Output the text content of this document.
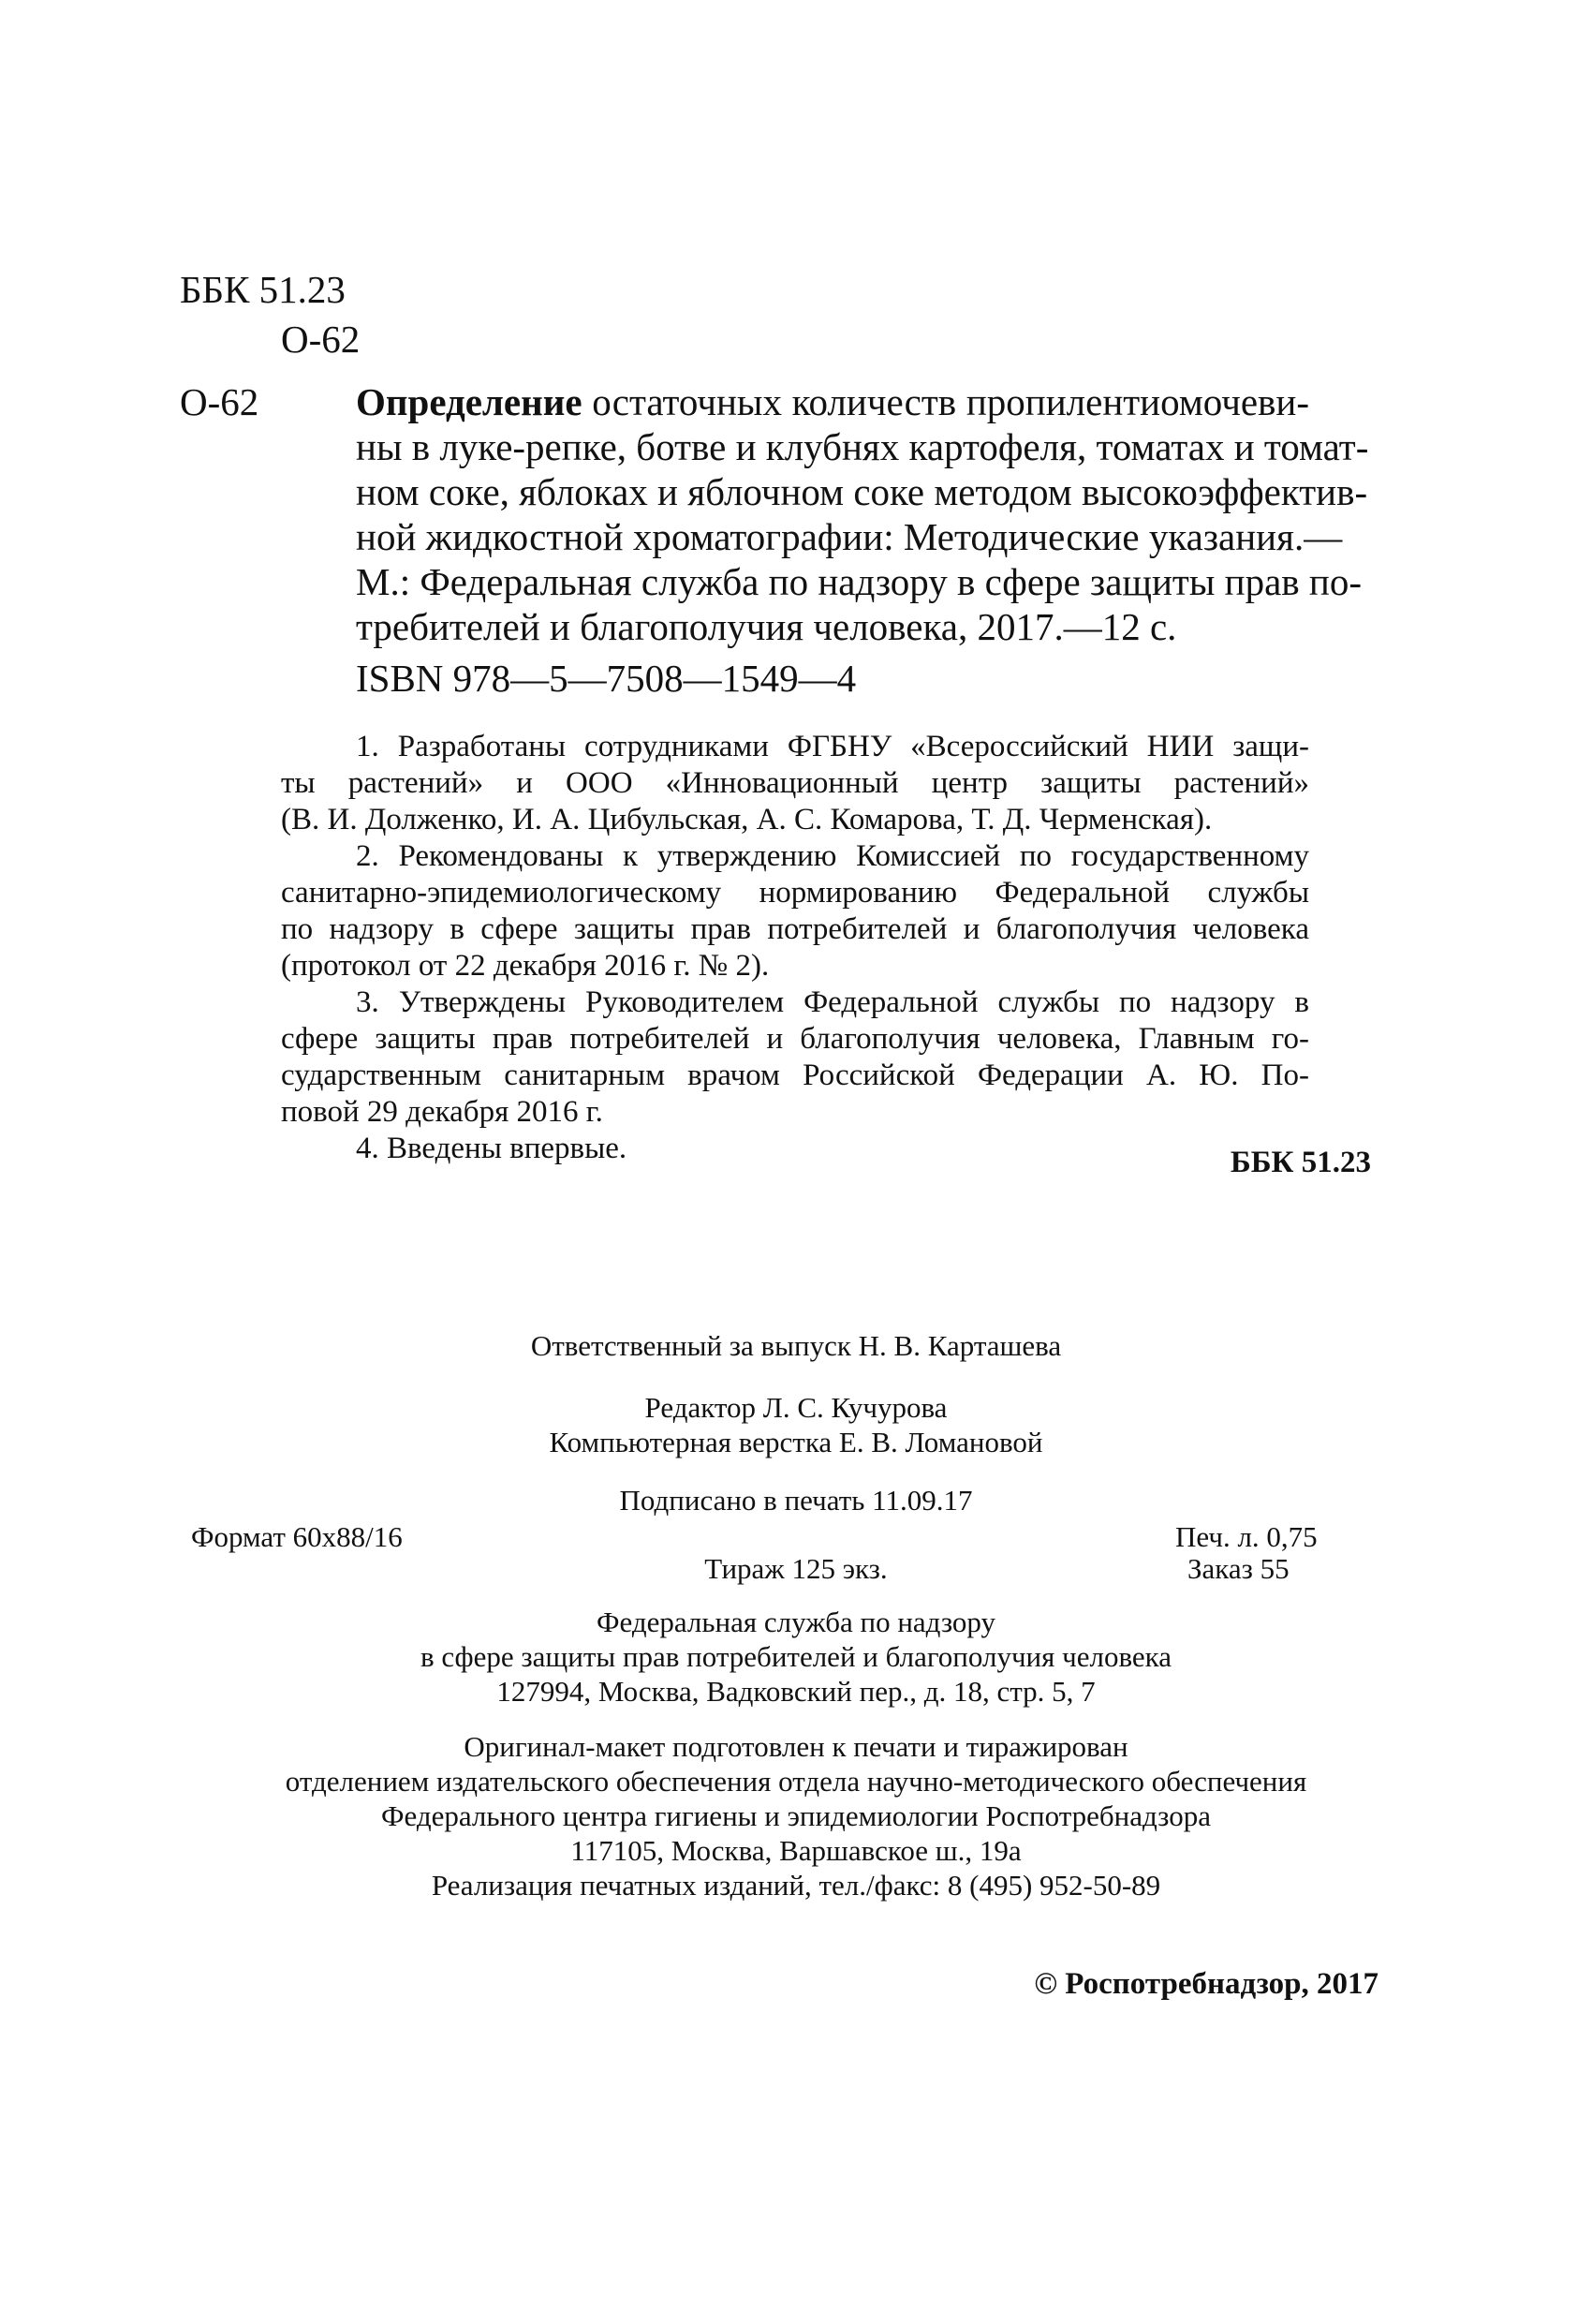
ББК 51.23
О-62
О-62	Определение остаточных количеств пропилентиомочеви-
ны в луке-репке, ботве и клубнях картофеля, томатах и томат-
ном соке, яблоках и яблочном соке методом высокоэффектив-
ной жидкостной хроматографии: Методические указания.—
М.: Федеральная служба по надзору в сфере защиты прав по-
требителей и благополучия человека, 2017.—12 с.
ISBN 978—5—7508—1549—4
1. Разработаны сотрудниками ФГБНУ «Всероссийский НИИ защи-
ты растений» и ООО «Инновационный центр защиты растений»
(В. И. Долженко, И. А. Цибульская, А. С. Комарова, Т. Д. Черменская).
2. Рекомендованы к утверждению Комиссией по государственному
санитарно-эпидемиологическому нормированию Федеральной службы
по надзору в сфере защиты прав потребителей и благополучия человека
(протокол от 22 декабря 2016 г. № 2).
3. Утверждены Руководителем Федеральной службы по надзору в
сфере защиты прав потребителей и благополучия человека, Главным го-
сударственным санитарным врачом Российской Федерации А. Ю. По-
повой 29 декабря 2016 г.
4. Введены впервые.	ББК 51.23
Ответственный за выпуск Н. В. Карташева
Редактор Л. С. Кучурова
Компьютерная верстка Е. В. Ломановой
Подписано в печать 11.09.17
Формат 60х88/16	Печ. л. 0,75
Тираж 125 экз.	Заказ 55
Федеральная служба по надзору
в сфере защиты прав потребителей и благополучия человека
127994, Москва, Вадковский пер., д. 18, стр. 5, 7
Оригинал-макет подготовлен к печати и тиражирован
отделением издательского обеспечения отдела научно-методического обеспечения
Федерального центра гигиены и эпидемиологии Роспотребнадзора
117105, Москва, Варшавское ш., 19а
Реализация печатных изданий, тел./факс: 8 (495) 952-50-89
© Роспотребнадзор, 2017
